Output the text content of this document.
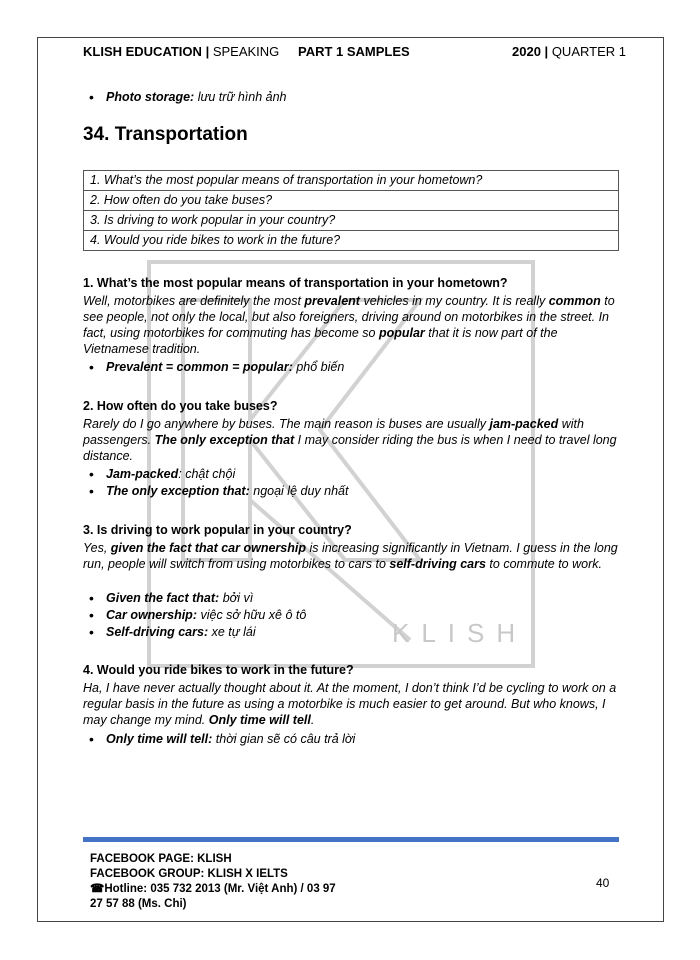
KLISH
KLISH EDUCATION | SPEAKING PART 1 SAMPLES	2020 | QUARTER 1
• Photo storage: lưu trữ hình ảnh
34. Transportation
1. What’s the most popular means of transportation in your hometown?
2. How often do you take buses?
3. Is driving to work popular in your country?
4. Would you ride bikes to work in the future?

1. What’s the most popular means of transportation in your hometown?

Well, motorbikes are definitely the most prevalent vehicles in my country. It is really common to see people, not only the local, but also foreigners, driving around on motorbikes in the street. In fact, using motorbikes for commuting has become so popular that it is now part of the Vietnamese tradition.

• Prevalent = common = popular: phổ biến

2. How often do you take buses?

Rarely do I go anywhere by buses. The main reason is buses are usually jam-packed with passengers. The only exception that I may consider riding the bus is when I need to travel long distance.

• Jam-packed: chật chội
• The only exception that: ngoại lệ duy nhất

3. Is driving to work popular in your country?

Yes, given the fact that car ownership is increasing significantly in Vietnam. I guess in the long run, people will switch from using motorbikes to cars to self-driving cars to commute to work.

• Given the fact that: bởi vì
• Car ownership: việc sở hữu xê ô tô
• Self-driving cars: xe tự lái

4. Would you ride bikes to work in the future?

Ha, I have never actually thought about it. At the moment, I don’t think I’d be cycling to work on a regular basis in the future as using a motorbike is much easier to get around. But who knows, I may change my mind. Only time will tell.

• Only time will tell: thời gian sẽ có câu trả lời
FACEBOOK PAGE: KLISH
FACEBOOK GROUP: KLISH X IELTS
☎Hotline: 035 732 2013 (Mr. Việt Anh) / 03 97
27 57 88 (Ms. Chi)
40
